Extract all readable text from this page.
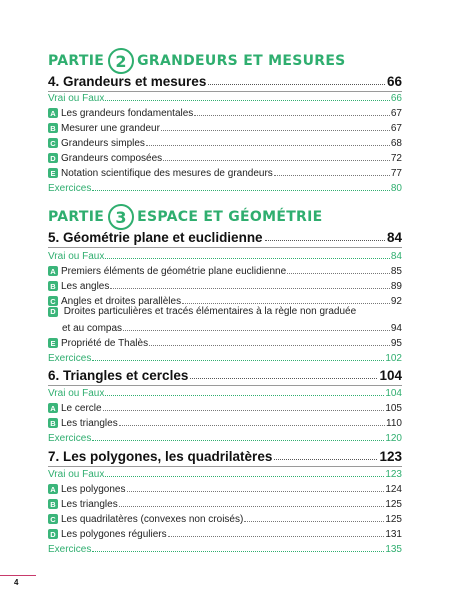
PARTIE 2 GRANDEURS ET MESURES
4. Grandeurs et mesures	66
Vrai ou Faux	66
A Les grandeurs fondamentales	67
B Mesurer une grandeur	67
C Grandeurs simples	68
D Grandeurs composées	72
E Notation scientifique des mesures de grandeurs	77
Exercices	80
PARTIE 3 ESPACE ET GÉOMÉTRIE
5. Géométrie plane et euclidienne	84
Vrai ou Faux	84
A Premiers éléments de géométrie plane euclidienne	85
B Les angles	89
C Angles et droites parallèles	92
D Droites particulières et tracés élémentaires à la règle non graduée
et au compas	94
E Propriété de Thalès	95
Exercices	102
6. Triangles et cercles	104
Vrai ou Faux	104
A Le cercle	105
B Les triangles	110
Exercices	120
7. Les polygones, les quadrilatères	123
Vrai ou Faux	123
A Les polygones	124
B Les triangles	125
C Les quadrilatères (convexes non croisés)	125
D Les polygones réguliers	131
Exercices	135
4
